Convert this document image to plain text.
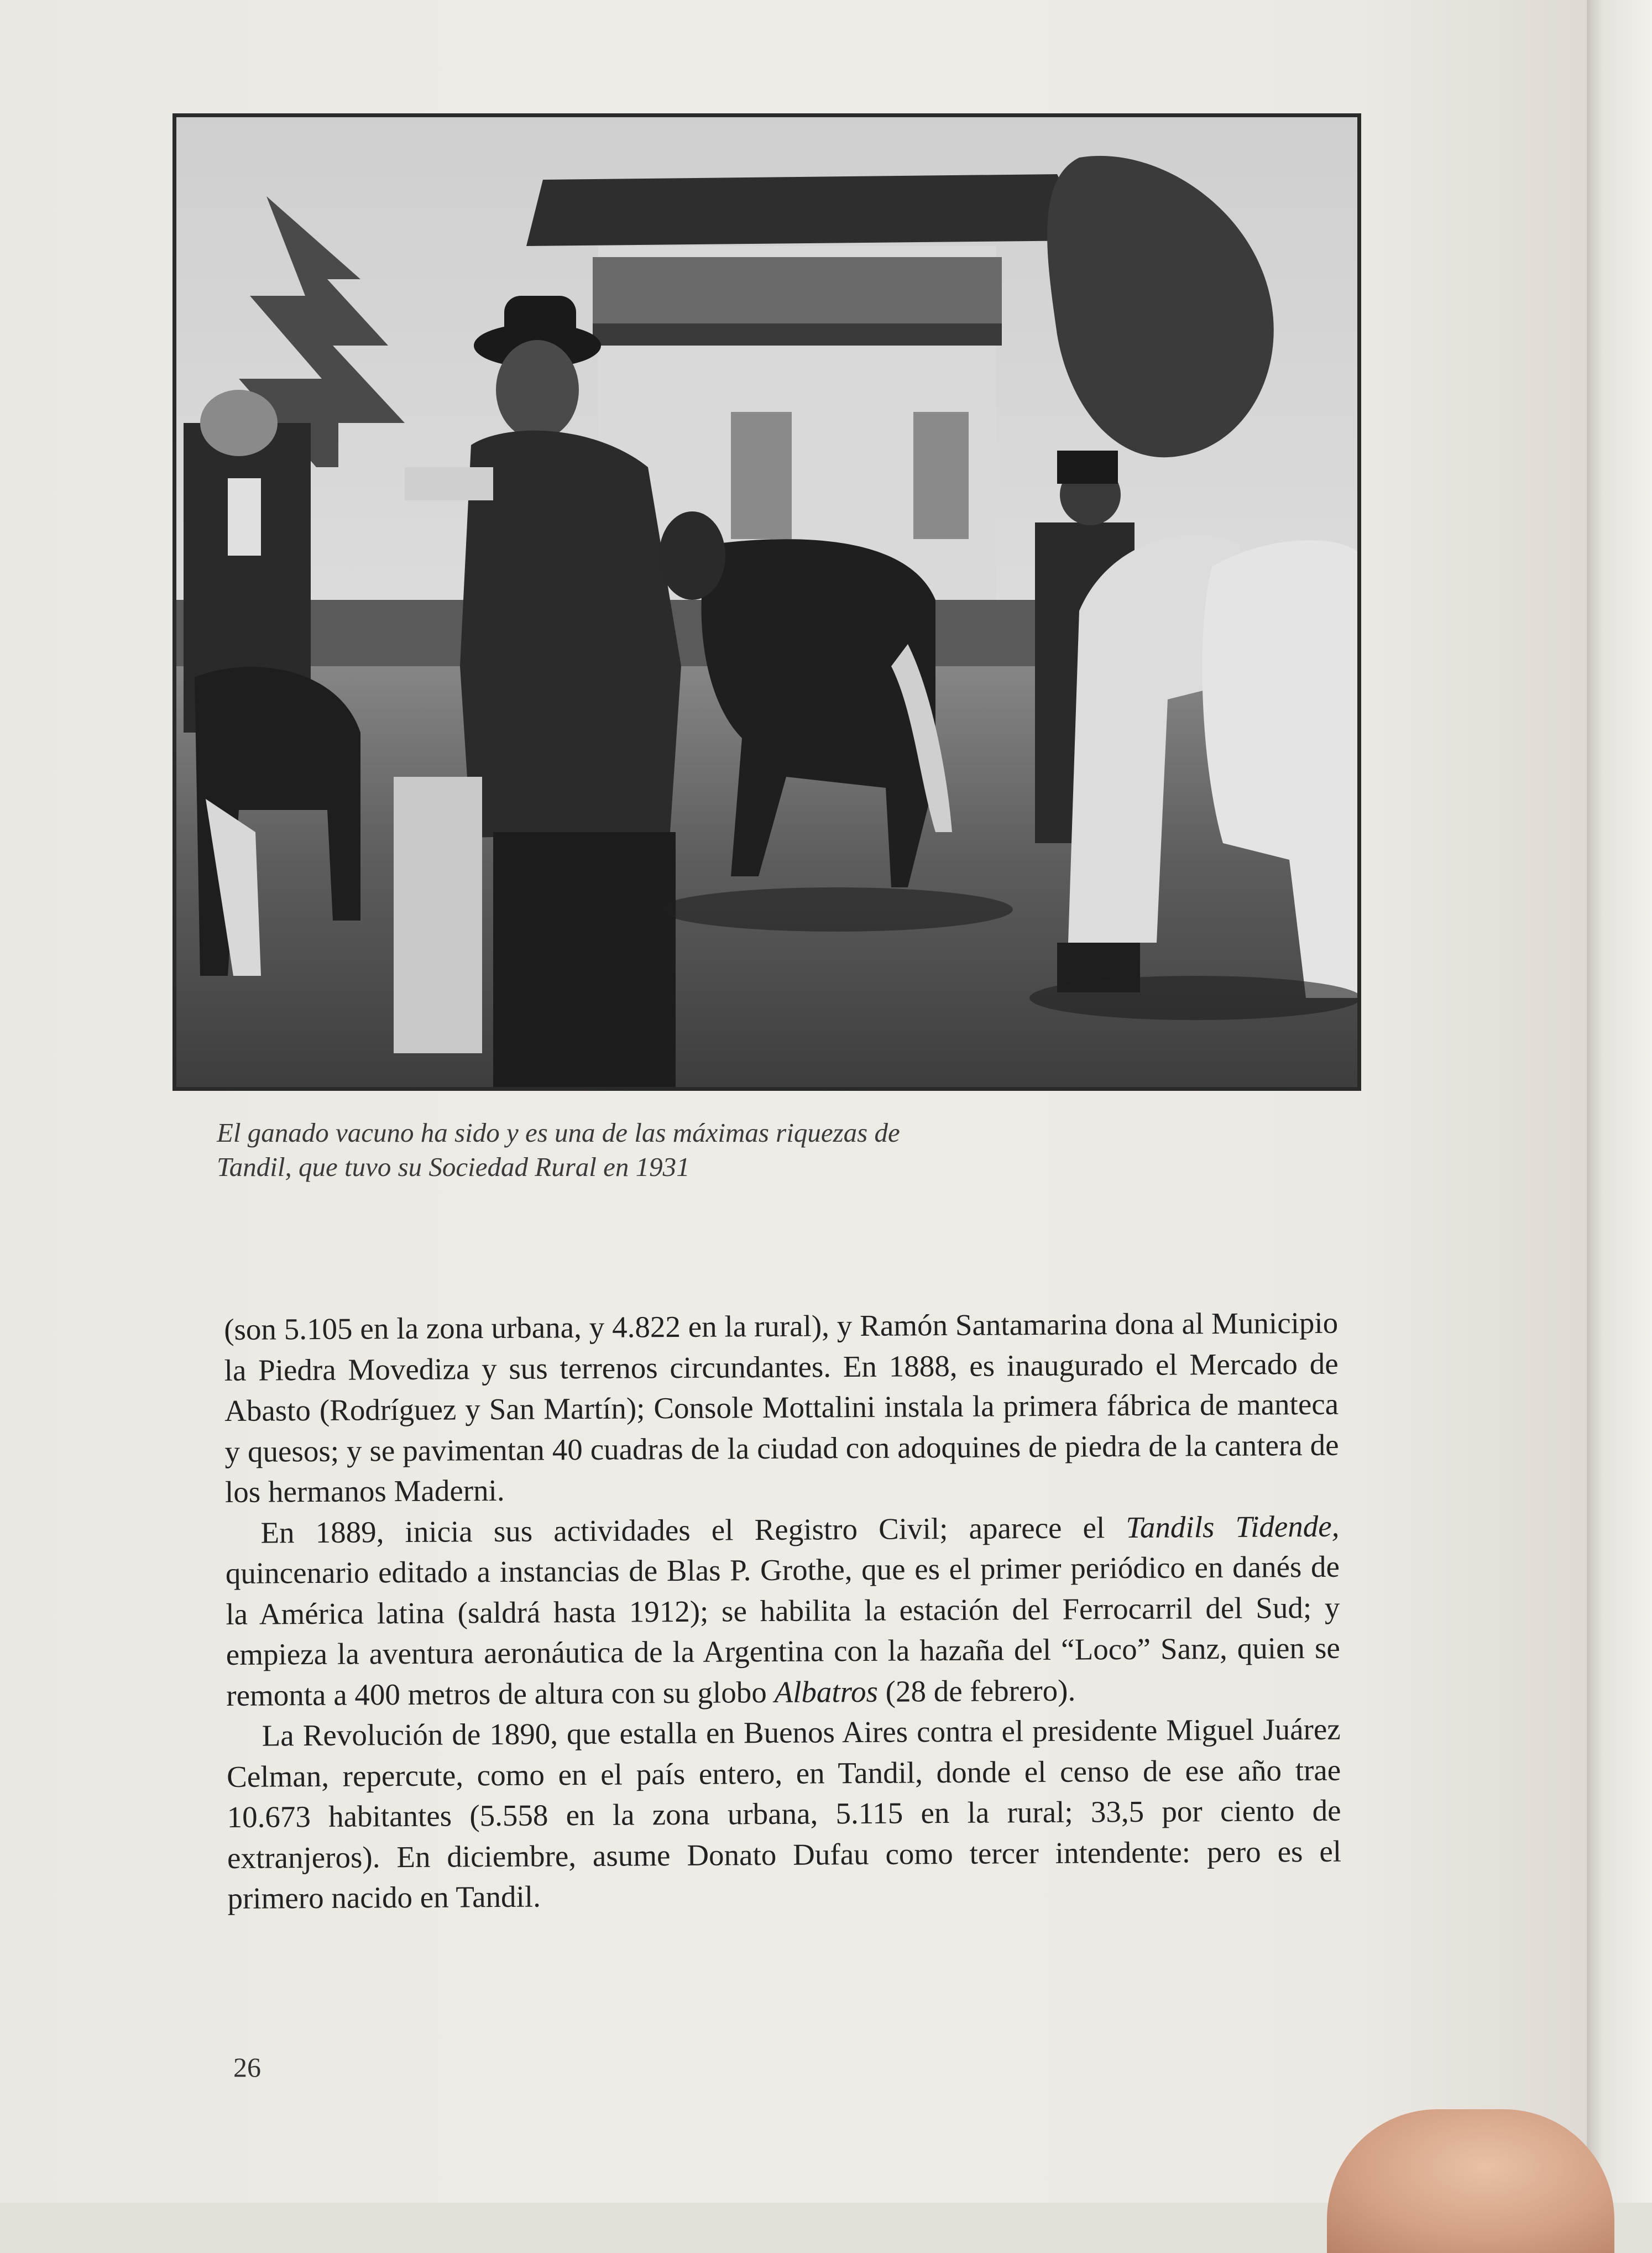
El ganado vacuno ha sido y es una de las máximas riquezas de
Tandil, que tuvo su Sociedad Rural en 1931

(son 5.105 en la zona urbana, y 4.822 en la rural), y Ramón Santamarina dona al Municipio la Piedra Movediza y sus terrenos circundantes. En 1888, es inaugurado el Mercado de Abasto (Rodríguez y San Martín); Console Mottalini instala la primera fábrica de manteca y quesos; y se pavimentan 40 cuadras de la ciudad con adoquines de piedra de la cantera de los hermanos Maderni.

En 1889, inicia sus actividades el Registro Civil; aparece el Tandils Tidende, quincenario editado a instancias de Blas P. Grothe, que es el primer periódico en danés de la América latina (saldrá hasta 1912); se habilita la estación del Ferrocarril del Sud; y empieza la aventura aeronáutica de la Argentina con la hazaña del “Loco” Sanz, quien se remonta a 400 metros de altura con su globo Albatros (28 de febrero).

La Revolución de 1890, que estalla en Buenos Aires contra el presidente Miguel Juárez Celman, repercute, como en el país entero, en Tandil, donde el censo de ese año trae 10.673 habitantes (5.558 en la zona urbana, 5.115 en la rural; 33,5 por ciento de extranjeros). En diciembre, asume Donato Dufau como tercer intendente: pero es el primero nacido en Tandil.

26
